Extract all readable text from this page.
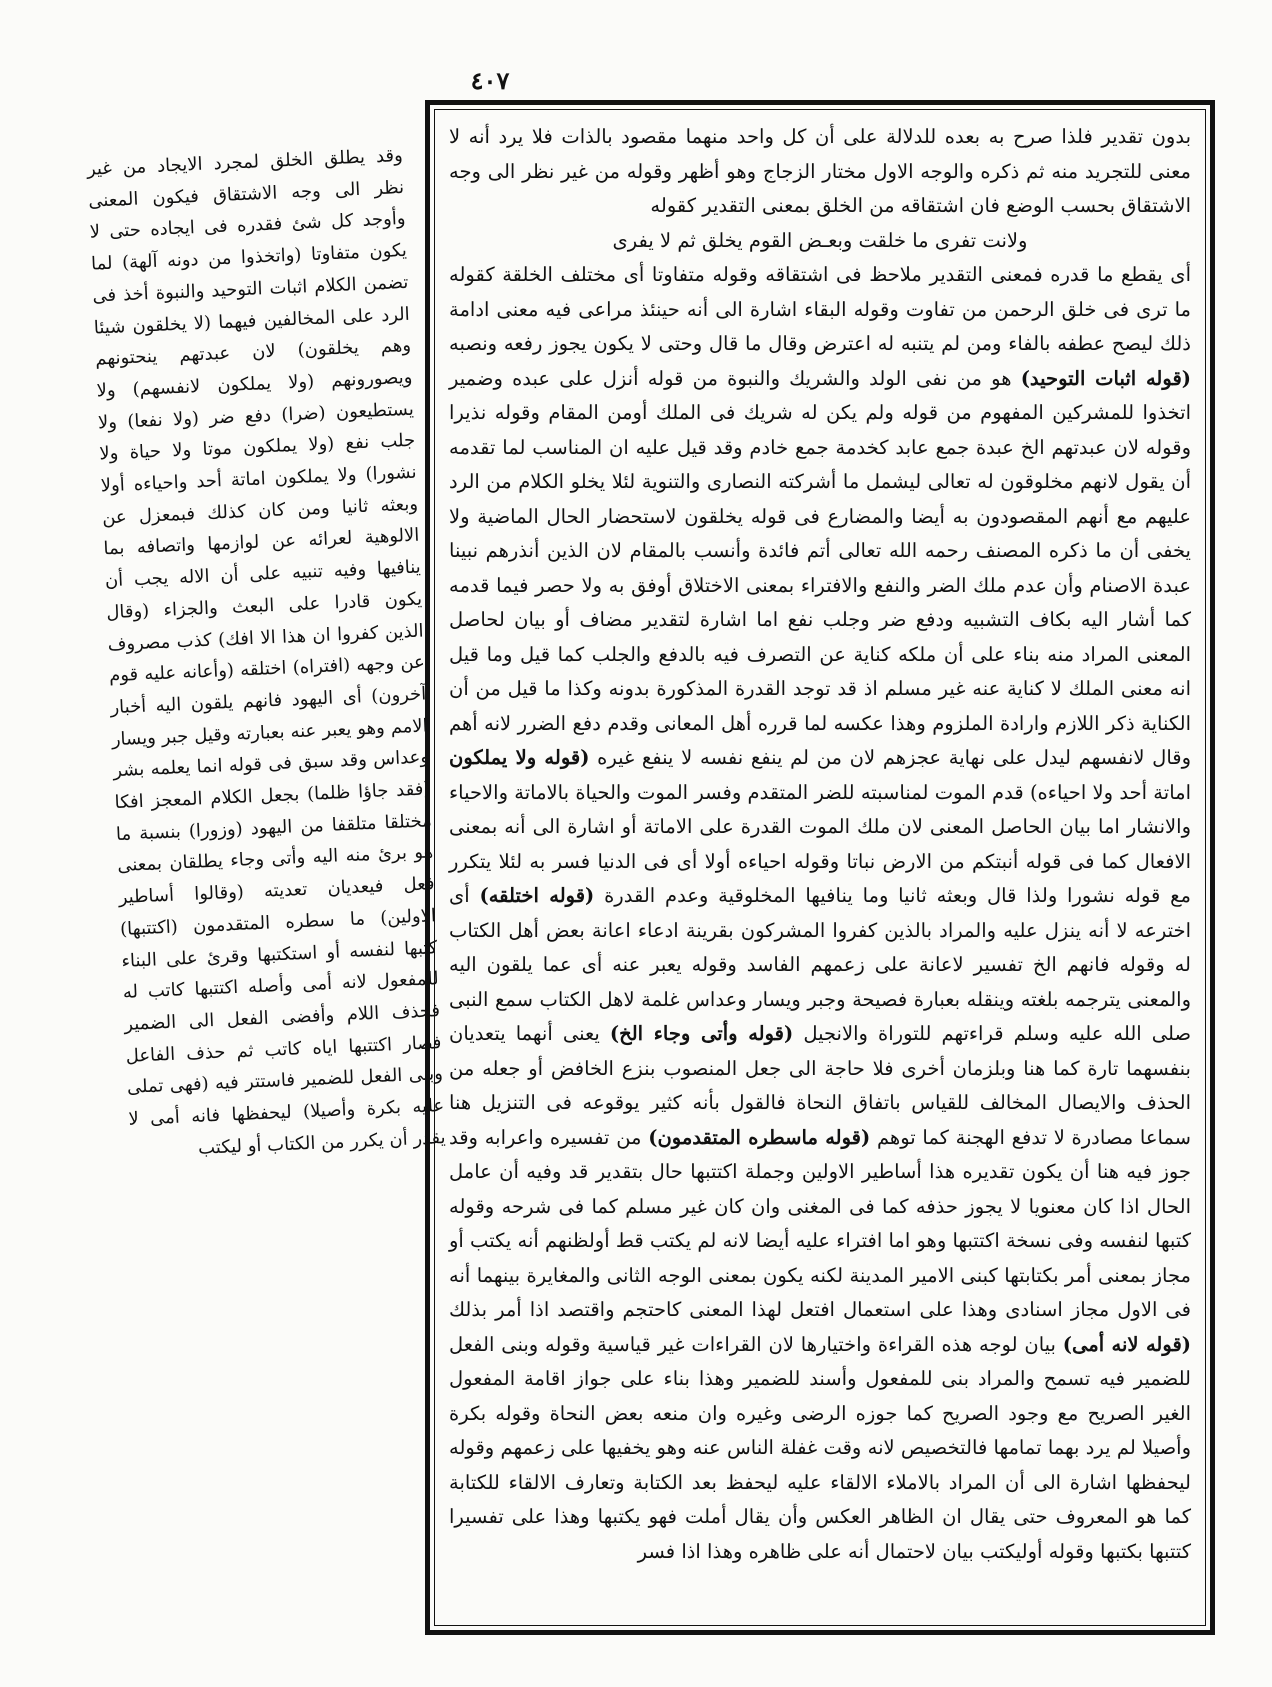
٤٠٧

بدون تقدير فلذا صرح به بعده للدلالة على أن كل واحد منهما مقصود بالذات فلا يرد أنه لا معنى للتجريد منه ثم ذكره والوجه الاول مختار الزجاج وهو أظهر وقوله من غير نظر الى وجه الاشتقاق بحسب الوضع فان اشتقاقه من الخلق بمعنى التقدير كقوله

ولانت تفرى ما خلقت وبعـض القوم يخلق ثم لا يفرى

أى يقطع ما قدره فمعنى التقدير ملاحظ فى اشتقاقه وقوله متفاوتا أى مختلف الخلقة كقوله ما ترى فى خلق الرحمن من تفاوت وقوله البقاء اشارة الى أنه حينئذ مراعى فيه معنى ادامة ذلك ليصح عطفه بالفاء ومن لم يتنبه له اعترض وقال ما قال وحتى لا يكون يجوز رفعه ونصبه (قوله اثبات التوحيد) هو من نفى الولد والشريك والنبوة من قوله أنزل على عبده وضمير اتخذوا للمشركين المفهوم من قوله ولم يكن له شريك فى الملك أومن المقام وقوله نذيرا وقوله لان عبدتهم الخ عبدة جمع عابد كخدمة جمع خادم وقد قيل عليه ان المناسب لما تقدمه أن يقول لانهم مخلوقون له تعالى ليشمل ما أشركته النصارى والتنوية لئلا يخلو الكلام من الرد عليهم مع أنهم المقصودون به أيضا والمضارع فى قوله يخلقون لاستحضار الحال الماضية ولا يخفى أن ما ذكره المصنف رحمه الله تعالى أتم فائدة وأنسب بالمقام لان الذين أنذرهم نبينا عبدة الاصنام وأن عدم ملك الضر والنفع والافتراء بمعنى الاختلاق أوفق به ولا حصر فيما قدمه كما أشار اليه بكاف التشبيه ودفع ضر وجلب نفع اما اشارة لتقدير مضاف أو بيان لحاصل المعنى المراد منه بناء على أن ملكه كناية عن التصرف فيه بالدفع والجلب كما قيل وما قيل انه معنى الملك لا كناية عنه غير مسلم اذ قد توجد القدرة المذكورة بدونه وكذا ما قيل من أن الكناية ذكر اللازم وارادة الملزوم وهذا عكسه لما قرره أهل المعانى وقدم دفع الضرر لانه أهم وقال لانفسهم ليدل على نهاية عجزهم لان من لم ينفع نفسه لا ينفع غيره (قوله ولا يملكون اماتة أحد ولا احياءه) قدم الموت لمناسبته للضر المتقدم وفسر الموت والحياة بالاماتة والاحياء والانشار اما بيان الحاصل المعنى لان ملك الموت القدرة على الاماتة أو اشارة الى أنه بمعنى الافعال كما فى قوله أنبتكم من الارض نباتا وقوله احياءه أولا أى فى الدنيا فسر به لئلا يتكرر مع قوله نشورا ولذا قال وبعثه ثانيا وما ينافيها المخلوقية وعدم القدرة (قوله اختلقه) أى اخترعه لا أنه ينزل عليه والمراد بالذين كفروا المشركون بقرينة ادعاء اعانة بعض أهل الكتاب له وقوله فانهم الخ تفسير لاعانة على زعمهم الفاسد وقوله يعبر عنه أى عما يلقون اليه والمعنى يترجمه بلغته وينقله بعبارة فصيحة وجبر ويسار وعداس غلمة لاهل الكتاب سمع النبى صلى الله عليه وسلم قراءتهم للتوراة والانجيل (قوله وأتى وجاء الخ) يعنى أنهما يتعديان بنفسهما تارة كما هنا وبلزمان أخرى فلا حاجة الى جعل المنصوب بنزع الخافض أو جعله من الحذف والايصال المخالف للقياس باتفاق النحاة فالقول بأنه كثير يوقوعه فى التنزيل هنا سماعا مصادرة لا تدفع الهجنة كما توهم (قوله ماسطره المتقدمون) من تفسيره واعرابه وقد جوز فيه هنا أن يكون تقديره هذا أساطير الاولين وجملة اكتتبها حال بتقدير قد وفيه أن عامل الحال اذا كان معنويا لا يجوز حذفه كما فى المغنى وان كان غير مسلم كما فى شرحه وقوله كتبها لنفسه وفى نسخة اكتتبها وهو اما افتراء عليه أيضا لانه لم يكتب قط أولظنهم أنه يكتب أو مجاز بمعنى أمر بكتابتها كبنى الامير المدينة لكنه يكون بمعنى الوجه الثانى والمغايرة بينهما أنه فى الاول مجاز اسنادى وهذا على استعمال افتعل لهذا المعنى كاحتجم واقتصد اذا أمر بذلك (قوله لانه أمى) بيان لوجه هذه القراءة واختيارها لان القراءات غير قياسية وقوله وبنى الفعل للضمير فيه تسمح والمراد بنى للمفعول وأسند للضمير وهذا بناء على جواز اقامة المفعول الغير الصريح مع وجود الصريح كما جوزه الرضى وغيره وان منعه بعض النحاة وقوله بكرة وأصيلا لم يرد بهما تمامها فالتخصيص لانه وقت غفلة الناس عنه وهو يخفيها على زعمهم وقوله ليحفظها اشارة الى أن المراد بالاملاء الالقاء عليه ليحفظ بعد الكتابة وتعارف الالقاء للكتابة كما هو المعروف حتى يقال ان الظاهر العكس وأن يقال أملت فهو يكتبها وهذا على تفسيرا كتتبها بكتبها وقوله أوليكتب بيان لاحتمال أنه على ظاهره وهذا اذا فسر

وقد يطلق الخلق لمجرد الايجاد من غير نظر الى وجه الاشتقاق فيكون المعنى وأوجد كل شئ فقدره فى ايجاده حتى لا يكون متفاوتا (واتخذوا من دونه آلهة) لما تضمن الكلام اثبات التوحيد والنبوة أخذ فى الرد على المخالفين فيهما (لا يخلقون شيئا وهم يخلقون) لان عبدتهم ينحتونهم ويصورونهم (ولا يملكون لانفسهم) ولا يستطيعون (ضرا) دفع ضر (ولا نفعا) ولا جلب نفع (ولا يملكون موتا ولا حياة ولا نشورا) ولا يملكون اماتة أحد واحياءه أولا وبعثه ثانيا ومن كان كذلك فبمعزل عن الالوهية لعرائه عن لوازمها واتصافه بما ينافيها وفيه تنبيه على أن الاله يجب أن يكون قادرا على البعث والجزاء (وقال الذين كفروا ان هذا الا افك) كذب مصروف عن وجهه (افتراه) اختلقه (وأعانه عليه قوم آخرون) أى اليهود فانهم يلقون اليه أخبار الامم وهو يعبر عنه بعبارته وقيل جبر ويسار وعداس وقد سبق فى قوله انما يعلمه بشر (فقد جاؤا ظلما) بجعل الكلام المعجز افكا مختلقا متلقفا من اليهود (وزورا) بنسبة ما هو برئ منه اليه وأتى وجاء يطلقان بمعنى فعل فيعديان تعديته (وقالوا أساطير الاولين) ما سطره المتقدمون (اكتتبها) كتبها لنفسه أو استكتبها وقرئ على البناء للمفعول لانه أمى وأصله اكتتبها كاتب له فحذف اللام وأفضى الفعل الى الضمير فصار اكتتبها اياه كاتب ثم حذف الفاعل وبنى الفعل للضمير فاستتر فيه (فهى تملى عليه بكرة وأصيلا) ليحفظها فانه أمى لا يقدر أن يكرر من الكتاب أو ليكتب
